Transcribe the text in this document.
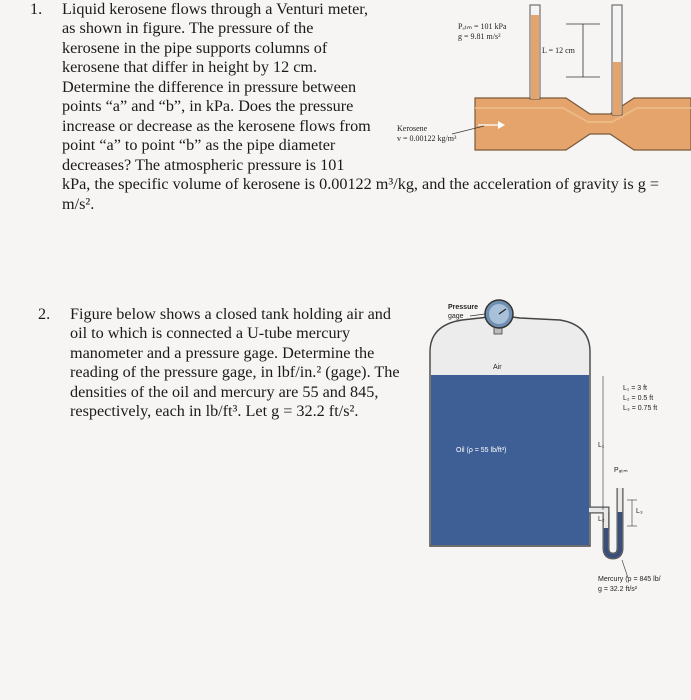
1. Liquid kerosene flows through a Venturi meter,

as shown in figure. The pressure of the

kerosene in the pipe supports columns of

kerosene that differ in height by 12 cm.

Determine the difference in pressure between

points “a” and “b”, in kPa. Does the pressure

increase or decrease as the kerosene flows from

point “a” to point “b” as the pipe diameter

decreases? The atmospheric pressure is 101

kPa, the specific volume of kerosene is 0.00122 m³/kg, and the acceleration of gravity is g =

m/s².

Pₐₜₘ = 101 kPa
g = 9.81 m/s²
L = 12 cm
Kerosene
v = 0.00122 kg/m³
2. Figure below shows a closed tank holding air and

oil to which is connected a U-tube mercury

manometer and a pressure gage. Determine the

reading of the pressure gage, in lbf/in.² (gage). The

densities of the oil and mercury are 55 and 845,

respectively, each in lb/ft³. Let g = 32.2 ft/s².

Pressure
gage
Air
Oil (ρ = 55 lb/ft³)
L₁ = 3 ft
L₂ = 0.5 ft
L₃ = 0.75 ft
L₁
L₂
L₃
Pₐₜₘ
Mercury (ρ = 845 lb/
g = 32.2 ft/s²
